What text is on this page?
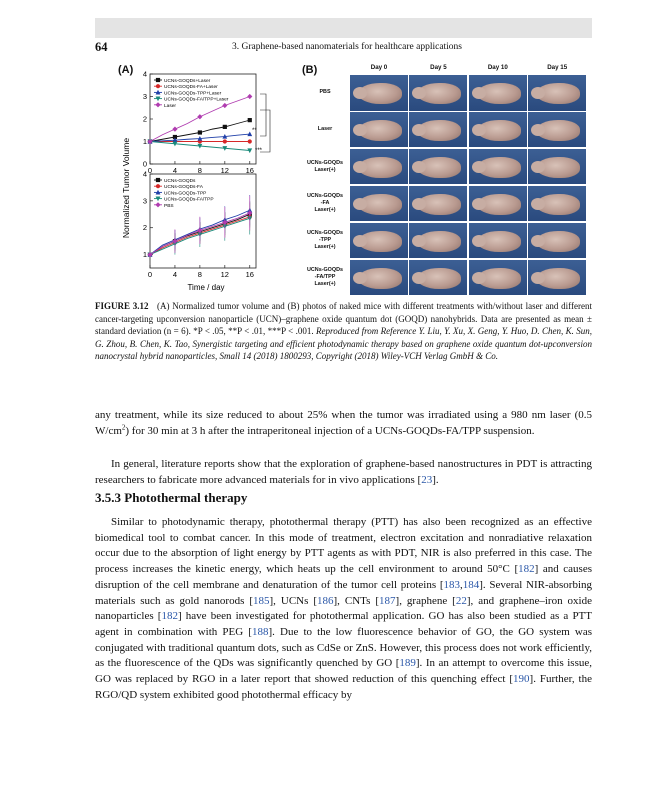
64	3. Graphene-based nanomaterials for healthcare applications
(A)	(B)
Normalized Tumor Volume
Time / day
**
***
0	4	8 12 16
0
1
2
3
4
UCNs-GOQDs+Laser
UCNs-GOQDs-FA+Laser
UCNs-GOQDs-TPP+Laser
UCNs-GOQDs-FA/TPP+Laser
Laser
0	4	8 12 16
1
2
3
4
UCNs-GOQDs
UCNs-GOQDs-FA
UCNs-GOQDs-TPP
UCNs-GOQDs-FA/TPP
PBS
Day 0	Day 5	Day 10	Day 15
PBS
Laser
UCNs-GOQDs
Laser(+)
UCNs-GOQDs
-FA
Laser(+)
UCNs-GOQDs
-TPP
Laser(+)
UCNs-GOQDs
-FA/TPP
Laser(+)
FIGURE 3.12 (A) Normalized tumor volume and (B) photos of naked mice with different treatments with/without laser and different cancer-targeting upconversion nanoparticle (UCN)–graphene oxide quantum dot (GOQD) nanohybrids. Data are presented as mean ± standard deviation (n = 6). *P < .05, **P < .01, ***P < .001. Reproduced from Reference Y. Liu, Y. Xu, X. Geng, Y. Huo, D. Chen, K. Sun, G. Zhou, B. Chen, K. Tao, Synergistic targeting and efficient photodynamic therapy based on graphene oxide quantum dot-upconversion nanocrystal hybrid nanoparticles, Small 14 (2018) 1800293, Copyright (2018) Wiley-VCH Verlag GmbH & Co.
any treatment, while its size reduced to about 25% when the tumor was irradiated using a 980 nm laser (0.5 $W/cm^2$) for 30 min at 3 h after the intraperitoneal injection of a UCNs-GOQDs-FA/TPP suspension.
In general, literature reports show that the exploration of graphene-based nanostructures in PDT is attracting researchers to fabricate more advanced materials for in vivo applications [23].
3.5.3 Photothermal therapy
Similar to photodynamic therapy, photothermal therapy (PTT) has also been recognized as an effective biomedical tool to combat cancer. In this mode of treatment, electron excitation and nonradiative relaxation occur due to the absorption of light energy by PTT agents as with PDT, NIR is also preferred in this case. The process increases the kinetic energy, which heats up the cell environment to around 50°C [182] and causes disruption of the cell membrane and denaturation of the tumor cell proteins [183,184]. Several NIR-absorbing materials such as gold nanorods [185], UCNs [186], CNTs [187], graphene [22], and graphene–iron oxide nanoparticles [182] have been investigated for photothermal application. GO has also been studied as a PTT agent in combination with PEG [188]. Due to the low fluorescence behavior of GO, the GO system was conjugated with traditional quantum dots, such as CdSe or ZnS. However, this process does not work efficiently, as the fluorescence of the QDs was significantly quenched by GO [189]. In an attempt to overcome this issue, GO was replaced by RGO in a later report that showed reduction of this quenching effect [190]. Further, the RGO/QD system exhibited good photothermal efficacy by
